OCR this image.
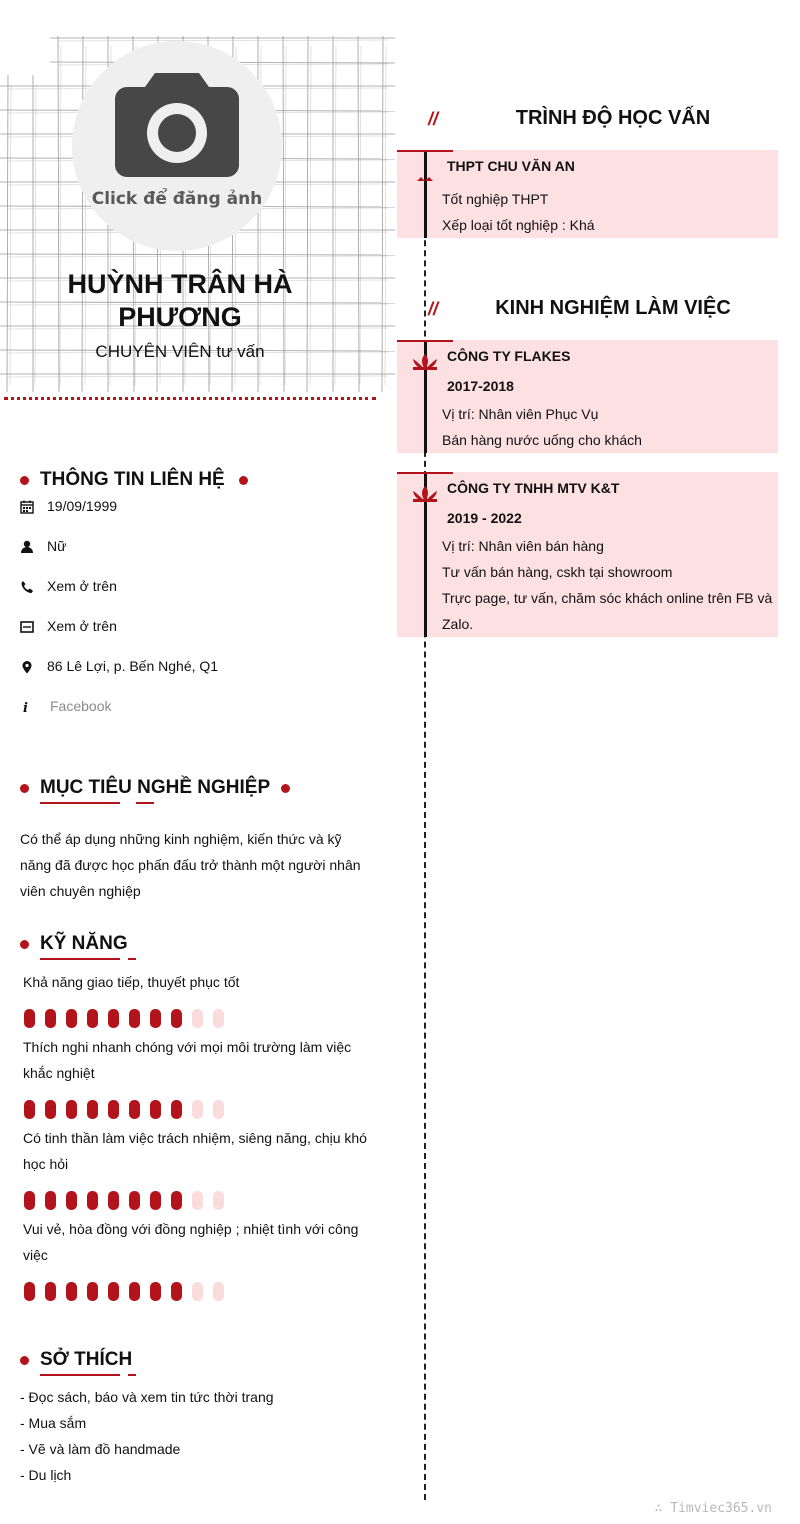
Click để đăng ảnh
HUỲNH TRÂN HÀ PHƯƠNG
CHUYÊN VIÊN tư vấn
THÔNG TIN LIÊN HỆ
19/09/1999
Nữ
Xem ở trên
Xem ở trên
86 Lê Lợi, p. Bến Nghé, Q1
i Facebook
MỤC TIÊU NGHỀ NGHIỆP
Có thể áp dụng những kinh nghiệm, kiến thức và kỹ năng đã được học phấn đấu trở thành một người nhân viên chuyên nghiệp
KỸ NĂNG
Khả năng giao tiếp, thuyết phục tốt
Thích nghi nhanh chóng với mọi môi trường làm việc khắc nghiệt
Có tinh thần làm việc trách nhiệm, siêng năng, chịu khó học hỏi
Vui vẻ, hòa đồng với đồng nghiệp ; nhiệt tình với công việc
SỞ THÍCH
- Đọc sách, báo và xem tin tức thời trang
- Mua sắm
- Vẽ và làm đồ handmade
- Du lịch
//	TRÌNH ĐỘ HỌC VẤN
THPT CHU VĂN AN
Tốt nghiệp THPT
Xếp loại tốt nghiệp : Khá
//	KINH NGHIỆM LÀM VIỆC
CÔNG TY FLAKES
2017-2018
Vị trí: Nhân viên Phục Vụ
Bán hàng nước uống cho khách
CÔNG TY TNHH MTV K&T
2019 - 2022
Vị trí: Nhân viên bán hàng
Tư vấn bán hàng, cskh tại showroom
Trực page, tư vấn, chăm sóc khách online trên FB và
Zalo.
∴ Timviec365.vn
